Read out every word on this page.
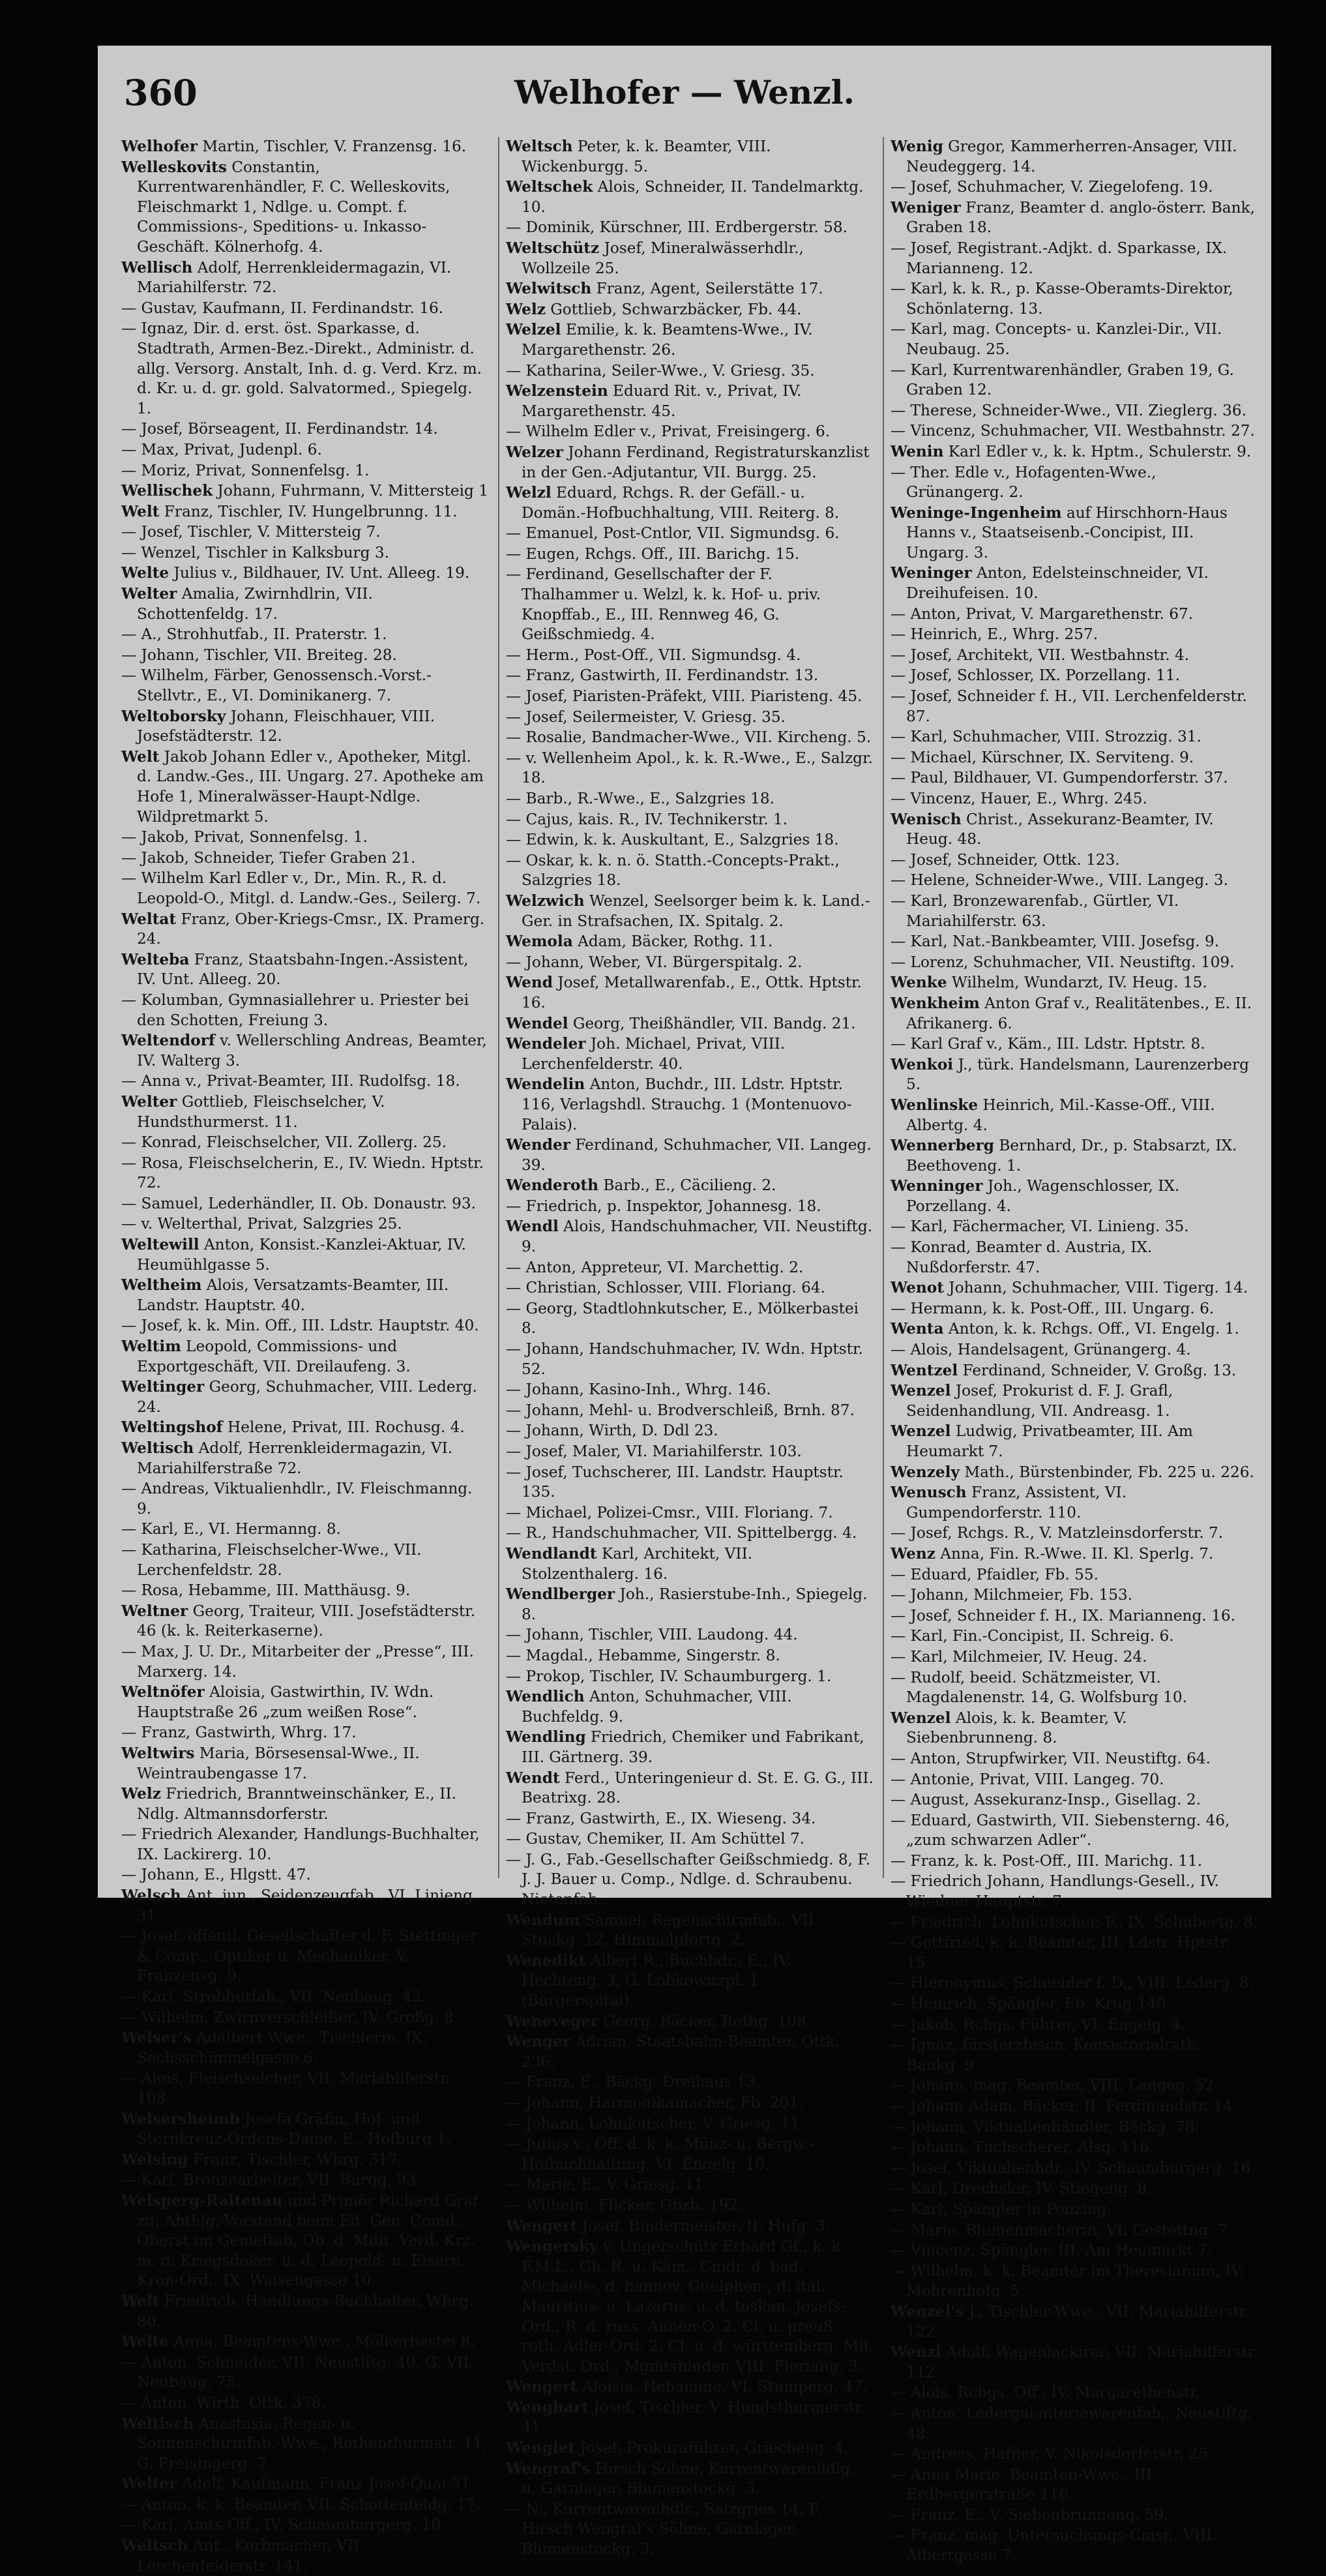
360	Welhofer — Wenzl.
Welhofer Martin, Tischler, V. Franzensg. 16.
Welleskovits Constantin, Kurrentwarenhändler, F. C. Welleskovits, Fleischmarkt 1, Ndlge. u. Compt. f. Commissions-, Speditions- u. Inkasso-Geschäft. Kölnerhofg. 4.
Wellisch Adolf, Herrenkleidermagazin, VI. Mariahilferstr. 72.
— Gustav, Kaufmann, II. Ferdinandstr. 16.
— Ignaz, Dir. d. erst. öst. Sparkasse, d. Stadtrath, Armen-Bez.-Direkt., Administr. d. allg. Versorg. Anstalt, Inh. d. g. Verd. Krz. m. d. Kr. u. d. gr. gold. Salvatormed., Spiegelg. 1.
— Josef, Börseagent, II. Ferdinandstr. 14.
— Max, Privat, Judenpl. 6.
— Moriz, Privat, Sonnenfelsg. 1.
Wellischek Johann, Fuhrmann, V. Mittersteig 1
Welt Franz, Tischler, IV. Hungelbrunng. 11.
— Josef, Tischler, V. Mittersteig 7.
— Wenzel, Tischler in Kalksburg 3.
Welte Julius v., Bildhauer, IV. Unt. Alleeg. 19.
Welter Amalia, Zwirnhdlrin, VII. Schottenfeldg. 17.
— A., Strohhutfab., II. Praterstr. 1.
— Johann, Tischler, VII. Breiteg. 28.
— Wilhelm, Färber, Genossensch.-Vorst.-Stellvtr., E., VI. Dominikanerg. 7.
Weltoborsky Johann, Fleischhauer, VIII. Josefstädterstr. 12.
Welt Jakob Johann Edler v., Apotheker, Mitgl. d. Landw.-Ges., III. Ungarg. 27. Apotheke am Hofe 1, Mineralwässer-Haupt-Ndlge. Wildpretmarkt 5.
— Jakob, Privat, Sonnenfelsg. 1.
— Jakob, Schneider, Tiefer Graben 21.
— Wilhelm Karl Edler v., Dr., Min. R., R. d. Leopold-O., Mitgl. d. Landw.-Ges., Seilerg. 7.
Weltat Franz, Ober-Kriegs-Cmsr., IX. Pramerg. 24.
Welteba Franz, Staatsbahn-Ingen.-Assistent, IV. Unt. Alleeg. 20.
— Kolumban, Gymnasiallehrer u. Priester bei den Schotten, Freiung 3.
Weltendorf v. Wellerschling Andreas, Beamter, IV. Walterg 3.
— Anna v., Privat-Beamter, III. Rudolfsg. 18.
Welter Gottlieb, Fleischselcher, V. Hundsthurmerst. 11.
— Konrad, Fleischselcher, VII. Zollerg. 25.
— Rosa, Fleischselcherin, E., IV. Wiedn. Hptstr. 72.
— Samuel, Lederhändler, II. Ob. Donaustr. 93.
— v. Welterthal, Privat, Salzgries 25.
Weltewill Anton, Konsist.-Kanzlei-Aktuar, IV. Heumühlgasse 5.
Weltheim Alois, Versatzamts-Beamter, III. Landstr. Hauptstr. 40.
— Josef, k. k. Min. Off., III. Ldstr. Hauptstr. 40.
Weltim Leopold, Commissions- und Exportgeschäft, VII. Dreilaufeng. 3.
Weltinger Georg, Schuhmacher, VIII. Lederg. 24.
Weltingshof Helene, Privat, III. Rochusg. 4.
Weltisch Adolf, Herrenkleidermagazin, VI. Mariahilferstraße 72.
— Andreas, Viktualienhdlr., IV. Fleischmanng. 9.
— Karl, E., VI. Hermanng. 8.
— Katharina, Fleischselcher-Wwe., VII. Lerchenfeldstr. 28.
— Rosa, Hebamme, III. Matthäusg. 9.
Weltner Georg, Traiteur, VIII. Josefstädterstr. 46 (k. k. Reiterkaserne).
— Max, J. U. Dr., Mitarbeiter der „Presse“, III. Marxerg. 14.
Weltnöfer Aloisia, Gastwirthin, IV. Wdn. Hauptstraße 26 „zum weißen Rose“.
— Franz, Gastwirth, Whrg. 17.
Weltwirs Maria, Börsesensal-Wwe., II. Weintraubengasse 17.
Welz Friedrich, Branntweinschänker, E., II. Ndlg. Altmannsdorferstr.
— Friedrich Alexander, Handlungs-Buchhalter, IX. Lackirerg. 10.
— Johann, E., Hlgstt. 47.
Welsch Ant. jun., Seidenzeugfab., VI. Linieng. 31.
— Josef, öffentl. Gesellschafter d. F. Stettinger & Comp., Optiker u. Mechaniker, V. Franzensg. 9.
— Karl, Strohhutfab., VII. Neubaug. 42.
— Wilhelm, Zwirnverschleißer, IV. Großg. 8.
Welser's Adalbert Wwe., Tischlerin, IX. Sechsschimmelgasse 6.
— Alois, Fleischselcher, VII. Mariahilferstr. 108.
Welsersheimb Josefa Gräfin, Hof- und Sternkreuz-Ordens-Dame, E., Hofburg 1.
Welsing Franz, Tischler, Whrg. 317.
— Karl, Bronzearbeiter, VII. Burgg. 93.
Welsperg-Raitenau und Primör Richard Graf zu, Abthlg.-Vorstand beim Ed. Gen. Comd., Oberst im Genieftab, Ob. d. Milit. Verd. Krz. m. d. Kriegsdeker. u. d. Leopold- u. Eisern. Kron-Ord., IX. Waisengasse 10.
Welt Friedrich, Handlungs-Buchhalter, Whrg. 80.
Welte Anna, Beamtens-Wwe., Mölkerbastei 8.
— Anton, Schneider, VII. Neustiftg. 40, G. VII. Neubaug. 75.
— Anton, Wirth, Ottk. 378.
Weltisch Anastasia, Regen- u. Sonnenschirmfab.-Wwe., Rothenthurmstr. 11, G. Freisingerg. 7.
Welter Adolf, Kaufmann, Franz Josef-Quai 31.
— Anton, k. k. Beamter, VII. Schottenfeldg. 17.
— Karl, Amts-Off., IV. Schaumburgerg. 10.
Weltsch Ant., Korbmacher, VII. Lerchenfelderstr. 141.
Weltsch Peter, k. k. Beamter, VIII. Wickenburgg. 5.
Weltschek Alois, Schneider, II. Tandelmarktg. 10.
— Dominik, Kürschner, III. Erdbergerstr. 58.
Weltschütz Josef, Mineralwässerhdlr., Wollzeile 25.
Welwitsch Franz, Agent, Seilerstätte 17.
Welz Gottlieb, Schwarzbäcker, Fb. 44.
Welzel Emilie, k. k. Beamtens-Wwe., IV. Margarethenstr. 26.
— Katharina, Seiler-Wwe., V. Griesg. 35.
Welzenstein Eduard Rit. v., Privat, IV. Margarethenstr. 45.
— Wilhelm Edler v., Privat, Freisingerg. 6.
Welzer Johann Ferdinand, Registraturskanzlist in der Gen.-Adjutantur, VII. Burgg. 25.
Welzl Eduard, Rchgs. R. der Gefäll.- u. Domän.-Hofbuchhaltung, VIII. Reiterg. 8.
— Emanuel, Post-Cntlor, VII. Sigmundsg. 6.
— Eugen, Rchgs. Off., III. Barichg. 15.
— Ferdinand, Gesellschafter der F. Thalhammer u. Welzl, k. k. Hof- u. priv. Knopffab., E., III. Rennweg 46, G. Geißschmiedg. 4.
— Herm., Post-Off., VII. Sigmundsg. 4.
— Franz, Gastwirth, II. Ferdinandstr. 13.
— Josef, Piaristen-Präfekt, VIII. Piaristeng. 45.
— Josef, Seilermeister, V. Griesg. 35.
— Rosalie, Bandmacher-Wwe., VII. Kircheng. 5.
— v. Wellenheim Apol., k. k. R.-Wwe., E., Salzgr. 18.
— Barb., R.-Wwe., E., Salzgries 18.
— Cajus, kais. R., IV. Technikerstr. 1.
— Edwin, k. k. Auskultant, E., Salzgries 18.
— Oskar, k. k. n. ö. Statth.-Concepts-Prakt., Salzgries 18.
Welzwich Wenzel, Seelsorger beim k. k. Land.-Ger. in Strafsachen, IX. Spitalg. 2.
Wemola Adam, Bäcker, Rothg. 11.
— Johann, Weber, VI. Bürgerspitalg. 2.
Wend Josef, Metallwarenfab., E., Ottk. Hptstr. 16.
Wendel Georg, Theißhändler, VII. Bandg. 21.
Wendeler Joh. Michael, Privat, VIII. Lerchenfelderstr. 40.
Wendelin Anton, Buchdr., III. Ldstr. Hptstr. 116, Verlagshdl. Strauchg. 1 (Montenuovo-Palais).
Wender Ferdinand, Schuhmacher, VII. Langeg. 39.
Wenderoth Barb., E., Cäcilieng. 2.
— Friedrich, p. Inspektor, Johannesg. 18.
Wendl Alois, Handschuhmacher, VII. Neustiftg. 9.
— Anton, Appreteur, VI. Marchettig. 2.
— Christian, Schlosser, VIII. Floriang. 64.
— Georg, Stadtlohnkutscher, E., Mölkerbastei 8.
— Johann, Handschuhmacher, IV. Wdn. Hptstr. 52.
— Johann, Kasino-Inh., Whrg. 146.
— Johann, Mehl- u. Brodverschleiß, Brnh. 87.
— Johann, Wirth, D. Ddl 23.
— Josef, Maler, VI. Mariahilferstr. 103.
— Josef, Tuchscherer, III. Landstr. Hauptstr. 135.
— Michael, Polizei-Cmsr., VIII. Floriang. 7.
— R., Handschuhmacher, VII. Spittelbergg. 4.
Wendlandt Karl, Architekt, VII. Stolzenthalerg. 16.
Wendlberger Joh., Rasierstube-Inh., Spiegelg. 8.
— Johann, Tischler, VIII. Laudong. 44.
— Magdal., Hebamme, Singerstr. 8.
— Prokop, Tischler, IV. Schaumburgerg. 1.
Wendlich Anton, Schuhmacher, VIII. Buchfeldg. 9.
Wendling Friedrich, Chemiker und Fabrikant, III. Gärtnerg. 39.
Wendt Ferd., Unteringenieur d. St. E. G. G., III. Beatrixg. 28.
— Franz, Gastwirth, E., IX. Wieseng. 34.
— Gustav, Chemiker, II. Am Schüttel 7.
— J. G., Fab.-Gesellschafter Geißschmiedg. 8, F. J. J. Bauer u. Comp., Ndlge. d. Schraubenu. Nietenfab.
Wendum Samuel, Regenschirmfab., VII. Stuckg. 12, Himmelpfortg. 2.
Wenedikt Albert R., Buchbdr., E., IV. Hechteng. 3, G. Lobkowitzpl. 1 (Bürgerspital).
Weneveger Georg, Bäcker, Rothg. 108.
Wenger Adrian, Staatsbahn-Beamter, Ottk. 236.
— Franz, E., Bäckg. Dreihaus 13.
— Johann, Harmonikamacher, Fb. 201.
— Johann, Lohnkutscher, V. Griesg. 11.
— Julius v., Off. d. k. k. Münz- u. Bergw.-Hofbuchhaltung, VI. Engelg. 10.
— Marie, E., V. Griesg. 11.
— Wilhelm, Flicker, Gbzh. 192.
Wengert Josef, Bindermeister, II. Hufg. 3.
Wengersky v. Ungerschütz Erhard Gf., k. k. F.M.L., Gh. R. u. Käm., Cmdr. d. bad. Michaels-, d. hannov. Guelphen-, d. ital. Mauritius- u. Lazarus- u. d. toskan. Josefs-Ord., R. d. russ. Annen-O. 2. Cl. u. preuß. roth. Adler-Ord. 2. Cl. u. d. württemberg. Mil. Verdst. Ord., Mgmtsbinder, VIII. Floriang. 3.
Wengert Aloisia, Hebamme, VI. Stumperg. 47.
Wenghart Josef, Tischler, V. Hundsthurmerstr. 41.
Wenglet Josef, Prokuraführer, Griecheng. 4.
Wengraf's Hirsch Söhne, Kurrentwarenhdlg. u. Garnlager, Blumenstockg. 3.
— N., Kurrentwarenhdlr., Salzgries 14, F. Hirsch Wengraf's Söhne, Garnlager, Blumenstockg. 3.
Wenig Gregor, Kammerherren-Ansager, VIII. Neudeggerg. 14.
— Josef, Schuhmacher, V. Ziegelofeng. 19.
Weniger Franz, Beamter d. anglo-österr. Bank, Graben 18.
— Josef, Registrant.-Adjkt. d. Sparkasse, IX. Marianneng. 12.
— Karl, k. k. R., p. Kasse-Oberamts-Direktor, Schönlaterng. 13.
— Karl, mag. Concepts- u. Kanzlei-Dir., VII. Neubaug. 25.
— Karl, Kurrentwarenhändler, Graben 19, G. Graben 12.
— Therese, Schneider-Wwe., VII. Zieglerg. 36.
— Vincenz, Schuhmacher, VII. Westbahnstr. 27.
Wenin Karl Edler v., k. k. Hptm., Schulerstr. 9.
— Ther. Edle v., Hofagenten-Wwe., Grünangerg. 2.
Weninge-Ingenheim auf Hirschhorn-Haus Hanns v., Staatseisenb.-Concipist, III. Ungarg. 3.
Weninger Anton, Edelsteinschneider, VI. Dreihufeisen. 10.
— Anton, Privat, V. Margarethenstr. 67.
— Heinrich, E., Whrg. 257.
— Josef, Architekt, VII. Westbahnstr. 4.
— Josef, Schlosser, IX. Porzellang. 11.
— Josef, Schneider f. H., VII. Lerchenfelderstr. 87.
— Karl, Schuhmacher, VIII. Strozzig. 31.
— Michael, Kürschner, IX. Serviteng. 9.
— Paul, Bildhauer, VI. Gumpendorferstr. 37.
— Vincenz, Hauer, E., Whrg. 245.
Wenisch Christ., Assekuranz-Beamter, IV. Heug. 48.
— Josef, Schneider, Ottk. 123.
— Helene, Schneider-Wwe., VIII. Langeg. 3.
— Karl, Bronzewarenfab., Gürtler, VI. Mariahilferstr. 63.
— Karl, Nat.-Bankbeamter, VIII. Josefsg. 9.
— Lorenz, Schuhmacher, VII. Neustiftg. 109.
Wenke Wilhelm, Wundarzt, IV. Heug. 15.
Wenkheim Anton Graf v., Realitätenbes., E. II. Afrikanerg. 6.
— Karl Graf v., Käm., III. Ldstr. Hptstr. 8.
Wenkoi J., türk. Handelsmann, Laurenzerberg 5.
Wenlinske Heinrich, Mil.-Kasse-Off., VIII. Albertg. 4.
Wennerberg Bernhard, Dr., p. Stabsarzt, IX. Beethoveng. 1.
Wenninger Joh., Wagenschlosser, IX. Porzellang. 4.
— Karl, Fächermacher, VI. Linieng. 35.
— Konrad, Beamter d. Austria, IX. Nußdorferstr. 47.
Wenot Johann, Schuhmacher, VIII. Tigerg. 14.
— Hermann, k. k. Post-Off., III. Ungarg. 6.
Wenta Anton, k. k. Rchgs. Off., VI. Engelg. 1.
— Alois, Handelsagent, Grünangerg. 4.
Wentzel Ferdinand, Schneider, V. Großg. 13.
Wenzel Josef, Prokurist d. F. J. Grafl, Seidenhandlung, VII. Andreasg. 1.
Wenzel Ludwig, Privatbeamter, III. Am Heumarkt 7.
Wenzely Math., Bürstenbinder, Fb. 225 u. 226.
Wenusch Franz, Assistent, VI. Gumpendorferstr. 110.
— Josef, Rchgs. R., V. Matzleinsdorferstr. 7.
Wenz Anna, Fin. R.-Wwe. II. Kl. Sperlg. 7.
— Eduard, Pfaidler, Fb. 55.
— Johann, Milchmeier, Fb. 153.
— Josef, Schneider f. H., IX. Marianneng. 16.
— Karl, Fin.-Concipist, II. Schreig. 6.
— Karl, Milchmeier, IV. Heug. 24.
— Rudolf, beeid. Schätzmeister, VI. Magdalenenstr. 14, G. Wolfsburg 10.
Wenzel Alois, k. k. Beamter, V. Siebenbrunneng. 8.
— Anton, Strupfwirker, VII. Neustiftg. 64.
— Antonie, Privat, VIII. Langeg. 70.
— August, Assekuranz-Insp., Gisellag. 2.
— Eduard, Gastwirth, VII. Siebensterng. 46, „zum schwarzen Adler“.
— Franz, k. k. Post-Off., III. Marichg. 11.
— Friedrich Johann, Handlungs-Gesell., IV. Wiedner Hauptstr. 7.
— Friedrich, Lohnkutscher, F., IX. Schubertg. 8.
— Gottfried, k. k. Beamter, III. Ldstr. Hptstr. 15.
— Hieronymus, Schneider f. D., VIII. Lederg. 8.
— Heinrich, Spängler, Fb. Krug 140.
— Jakob, Rchgs. Führer, VI. Engelg. 4.
— Ignaz, fürsterzbisch. Konsistorialrath, Bankg. 9.
— Johann, mag. Beamter, VIII. Langeg. 52.
— Johann Adam, Bäcker, II. Ferdinandstr. 14.
— Johann, Viktualienhändler, Bäckg. 78.
— Johann, Tuchscherer, Alsg. 116.
— Josef, Viktualienhdr., IV. Schaumburgerg. 16.
— Karl, Drechsler, IV. Stiegeng. 8.
— Karl, Spängler in Penzing.
— Marie, Blumenmacherin, VI. Gestettng. 7.
— Vincenz, Spängler, III. Am Heumarkt 7.
— Wilhelm, k. k. Beamter im Theresianum, IV. Mohrenhofg. 5.
Wenzel's J., Tischler-Wwe., VII. Mariahilferstr. 122.
Wenzl Adolf, Wagenlackirer, VII. Mariahilferstr. 112.
— Alois, Rchgs. Off., IV. Margarethenstr.
— Anton, Ledergalanteriewarenfab., Neustiftg. 48.
— Andreas, Hafner, V. Nikolsdorferstr. 25.
— Anna Marie, Beamten-Wwe., III. Erdbergerstraße 116.
— Franz, E., V. Siebenbrunneng. 59.
— Franz, mag. Untersuchungs-Cmsr., VIII. Albertgasse 7.
